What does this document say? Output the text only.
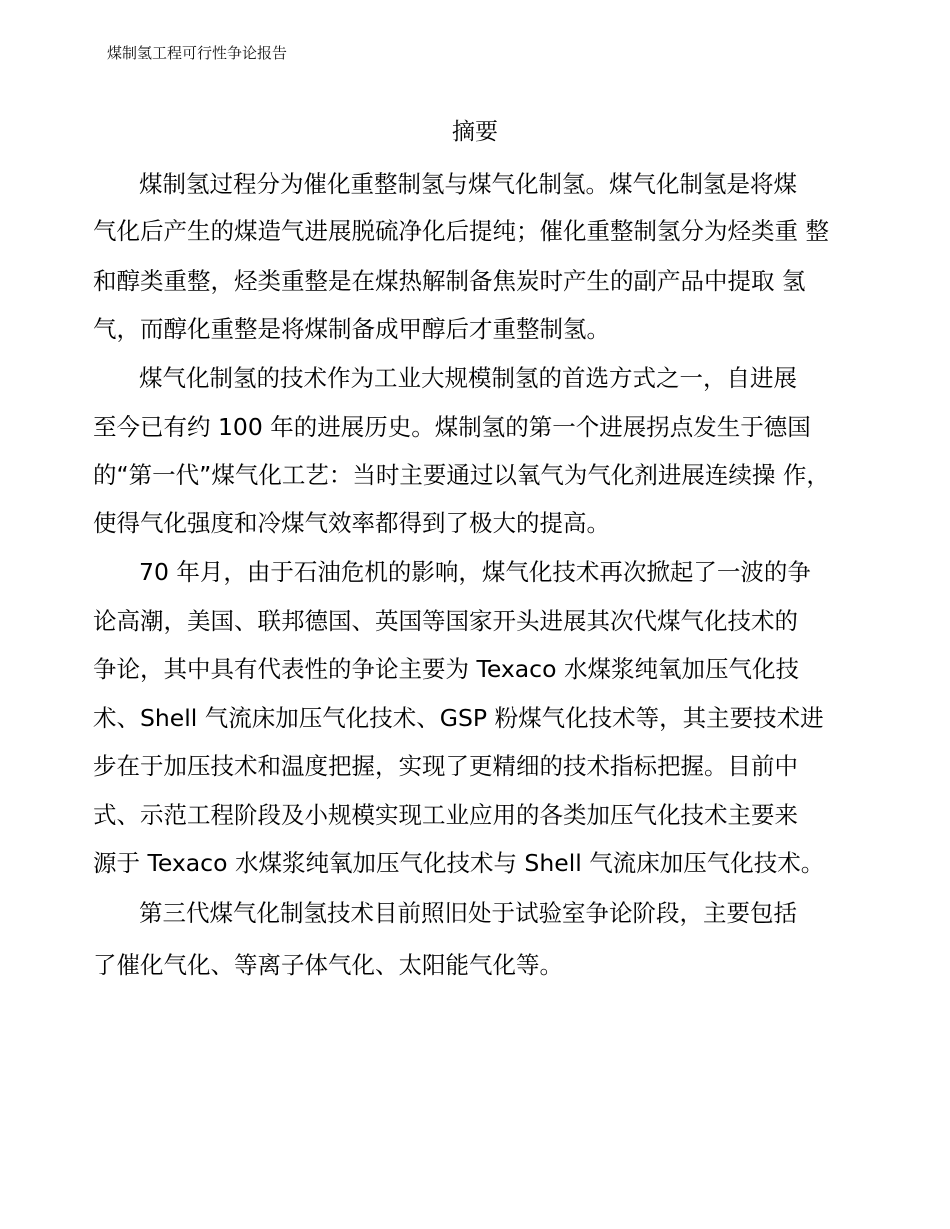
煤制氢工程可行性争论报告
摘要
煤制氢过程分为催化重整制氢与煤气化制氢。煤气化制氢是将煤
气化后产生的煤造气进展脱硫净化后提纯；催化重整制氢分为烃类重 整
和醇类重整，烃类重整是在煤热解制备焦炭时产生的副产品中提取 氢
气，而醇化重整是将煤制备成甲醇后才重整制氢。
煤气化制氢的技术作为工业大规模制氢的首选方式之一，自进展
至今已有约 100 年的进展历史。煤制氢的第一个进展拐点发生于德国
的“第一代”煤气化工艺：当时主要通过以氧气为气化剂进展连续操 作，
使得气化强度和冷煤气效率都得到了极大的提高。
70 年月，由于石油危机的影响，煤气化技术再次掀起了一波的争
论高潮，美国、联邦德国、英国等国家开头进展其次代煤气化技术的
争论，其中具有代表性的争论主要为 Texaco 水煤浆纯氧加压气化技
术、Shell 气流床加压气化技术、GSP 粉煤气化技术等，其主要技术进
步在于加压技术和温度把握，实现了更精细的技术指标把握。目前中
式、示范工程阶段及小规模实现工业应用的各类加压气化技术主要来
源于 Texaco 水煤浆纯氧加压气化技术与 Shell 气流床加压气化技术。
第三代煤气化制氢技术目前照旧处于试验室争论阶段，主要包括
了催化气化、等离子体气化、太阳能气化等。
